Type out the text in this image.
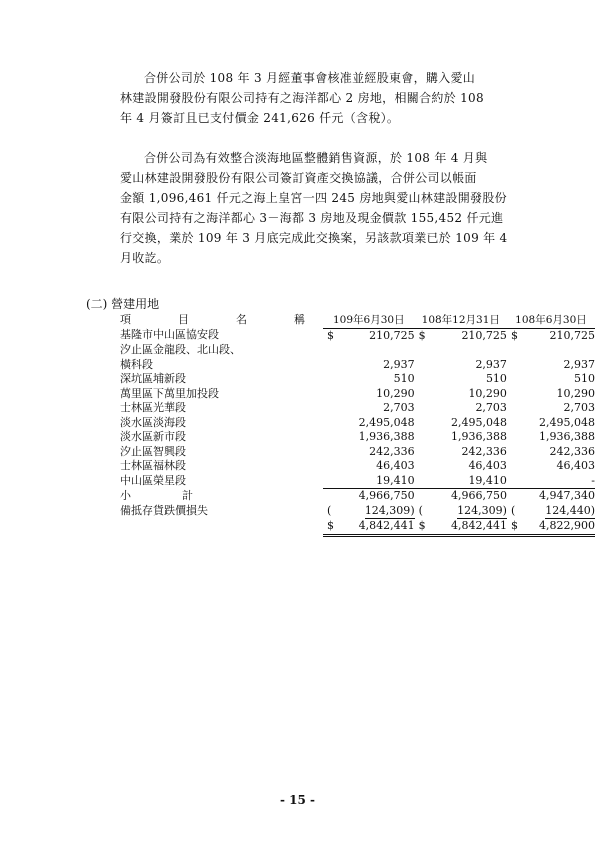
合併公司於 108 年 3 月經董事會核准並經股東會，購入愛山
林建設開發股份有限公司持有之海洋都心 2 房地，相關合約於 108
年 4 月簽訂且已支付價金 241,626 仟元（含稅）。
合併公司為有效整合淡海地區整體銷售資源，於 108 年 4 月與
愛山林建設開發股份有限公司簽訂資產交換協議，合併公司以帳面
金額 1,096,461 仟元之海上皇宮一四 245 房地與愛山林建設開發股份
有限公司持有之海洋都心 3－海都 3 房地及現金價款 155,452 仟元進
行交換，業於 109 年 3 月底完成此交換案，另該款項業已於 109 年 4
月收訖。
(二) 營建用地
項　目　名　稱	109年6月30日	108年12月31日	108年6月30日
基隆市中山區協安段	$ 210,725	$ 210,725	$ 210,725

汐止區金龍段、北山段、	

橫科段	2,937	2,937	2,937

深坑區埔新段	510	510	510

萬里區下萬里加投段	10,290	10,290	10,290

士林區光華段	2,703	2,703	2,703

淡水區淡海段	2,495,048	2,495,048	2,495,048

淡水區新市段	1,936,388	1,936,388	1,936,388

汐止區智興段	242,336	242,336	242,336

士林區福林段	46,403	46,403	46,403

中山區榮星段	19,410	19,410	-

小　計	4,966,750	4,966,750	4,947,340

備抵存貨跌價損失	( 124,309)	( 124,309)	( 124,440)

	$ 4,842,441	$ 4,842,441	$ 4,822,900
- 15 -
